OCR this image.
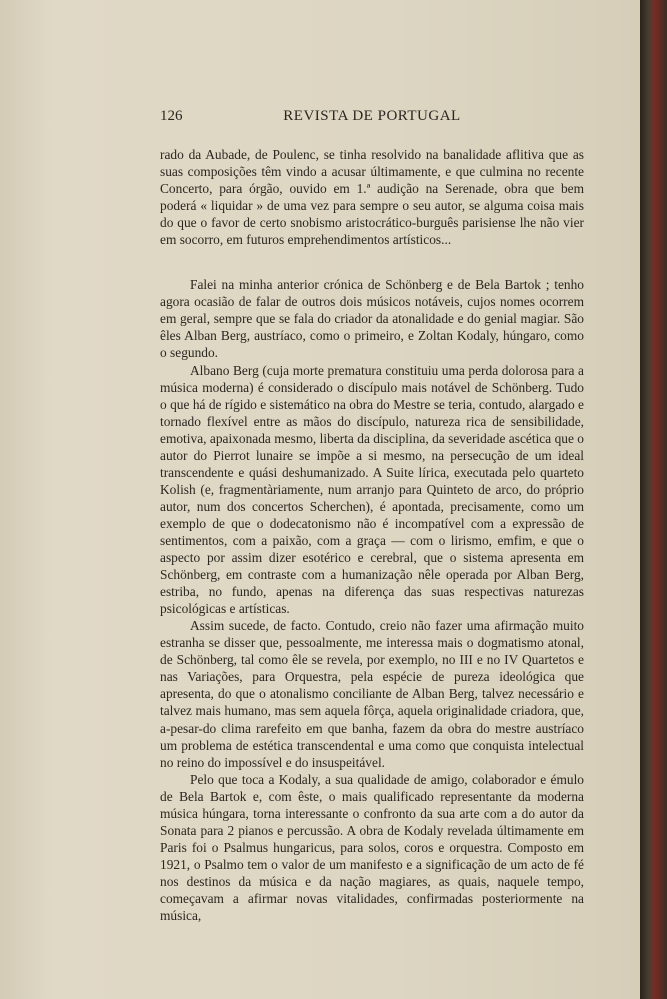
126	REVISTA DE PORTUGAL

rado da Aubade, de Poulenc, se tinha resolvido na banalidade aflitiva que as suas composições têm vindo a acusar últimamente, e que culmina no recente Concerto, para órgão, ouvido em 1.ª audição na Serenade, obra que bem poderá « liquidar » de uma vez para sempre o seu autor, se alguma coisa mais do que o favor de certo snobismo aristocrático-burguês parisiense lhe não vier em socorro, em futuros emprehendimentos artísticos...

Falei na minha anterior crónica de Schönberg e de Bela Bartok ; tenho agora ocasião de falar de outros dois músicos notáveis, cujos nomes ocorrem em geral, sempre que se fala do criador da atonalidade e do genial magiar. São êles Alban Berg, austríaco, como o primeiro, e Zoltan Kodaly, húngaro, como o segundo.

Albano Berg (cuja morte prematura constituiu uma perda dolorosa para a música moderna) é considerado o discípulo mais notável de Schönberg. Tudo o que há de rígido e sistemático na obra do Mestre se teria, contudo, alargado e tornado flexível entre as mãos do discípulo, natureza rica de sensibilidade, emotiva, apaixonada mesmo, liberta da disciplina, da severidade ascética que o autor do Pierrot lunaire se impõe a si mesmo, na persecução de um ideal transcendente e quási deshumanizado. A Suite lírica, executada pelo quarteto Kolish (e, fragmentàriamente, num arranjo para Quinteto de arco, do próprio autor, num dos concertos Scherchen), é apontada, precisamente, como um exemplo de que o dodecatonismo não é incompatível com a expressão de sentimentos, com a paixão, com a graça — com o lirismo, emfim, e que o aspecto por assim dizer esotérico e cerebral, que o sistema apresenta em Schönberg, em contraste com a humanização nêle operada por Alban Berg, estriba, no fundo, apenas na diferença das suas respectivas naturezas psicológicas e artísticas.

Assim sucede, de facto. Contudo, creio não fazer uma afirmação muito estranha se disser que, pessoalmente, me interessa mais o dogmatismo atonal, de Schönberg, tal como êle se revela, por exemplo, no III e no IV Quartetos e nas Variações, para Orquestra, pela espécie de pureza ideológica que apresenta, do que o atonalismo conciliante de Alban Berg, talvez necessário e talvez mais humano, mas sem aquela fôrça, aquela originalidade criadora, que, a-pesar-do clima rarefeito em que banha, fazem da obra do mestre austríaco um problema de estética transcendental e uma como que conquista intelectual no reino do impossível e do insuspeitável.

Pelo que toca a Kodaly, a sua qualidade de amigo, colaborador e émulo de Bela Bartok e, com êste, o mais qualificado representante da moderna música húngara, torna interessante o confronto da sua arte com a do autor da Sonata para 2 pianos e percussão. A obra de Kodaly revelada últimamente em Paris foi o Psalmus hungaricus, para solos, coros e orquestra. Composto em 1921, o Psalmo tem o valor de um manifesto e a significação de um acto de fé nos destinos da música e da nação magiares, as quais, naquele tempo, começavam a afirmar novas vitalidades, confirmadas posteriormente na música,
